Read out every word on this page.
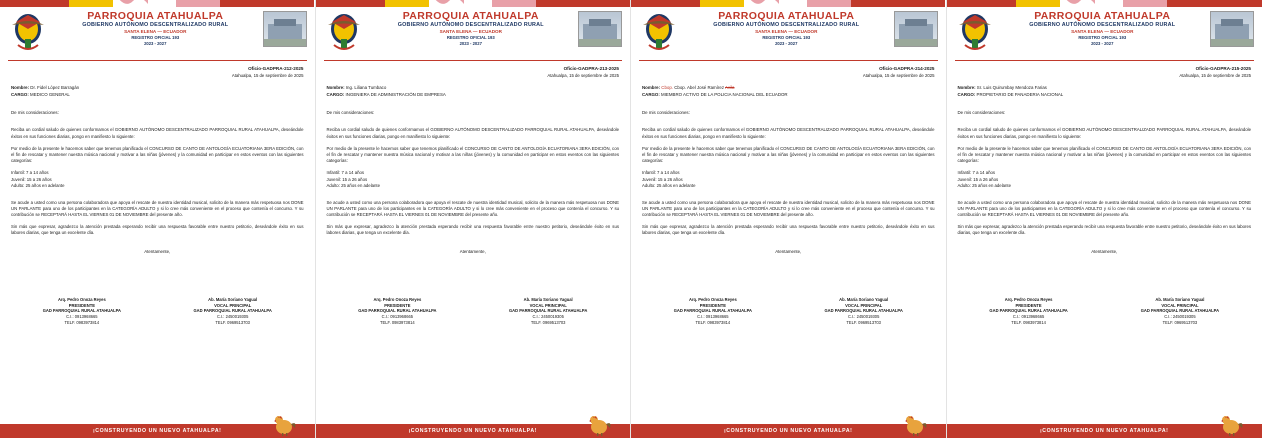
PARROQUIA ATAHUALPA
GOBIERNO AUTÓNOMO DESCENTRALIZADO RURAL
SANTA ELENA — ECUADOR
REGISTRO OFICIAL 193
2023 - 2027
Oficio-GADPRA-212-2025
Atahualpa, 15 de septiembre de 2025
Nombre: Dr. Fidel López Barragán
CARGO: MEDICO GENERAL
De mis consideraciones:
Reciba un cordial saludo de quienes conformamos el GOBIERNO AUTÓNOMO DESCENTRALIZADO PARROQUIAL RURAL ATAHUALPA, deseándole éxitos en sus funciones diarias, pongo en manifiesto lo siguiente:
Por medio de la presente le hacemos saber que tenemos planificado el CONCURSO DE CANTO DE ANTOLOGÍA ECUATORIANA 3ERA EDICIÓN, con el fin de rescatar y mantener nuestra música nacional y motivar a las niñas (jóvenes) y la comunidad en participar en estos eventos con las siguientes categorías:
Infantil: 7 a 14 años
Juvenil: 15 a 26 años
Adulto: 25 años en adelante
Se acude a usted como una persona colaboradora que apoya el rescate de nuestra identidad musical, solicito de la manera más respetuosa nos DONE UN PARLANTE para uno de los participantes en la CATEGORÍA ADULTO y si lo cree más conveniente en el proceso que contenía el concurso. Y su contribución se RECEPTARÁ HASTA EL VIERNES 01 DE NOVIEMBRE del presente año.
Sin más que expresar, agradezco la atención prestada esperando recibir una respuesta favorable entre nuestro petitorio, deseándole éxito en sus labores diarias, que tenga un excelente día.
Atentamente,
Arq. Pedro Onoza Reyes
PRESIDENTE
GAD PARROQUIAL RURAL ATAHUALPA
C.I.: 0913968665
TELF. 0983973814
Ab. María Soriano Yagual
VOCAL PRINCIPAL
GAD PARROQUIAL RURAL ATAHUALPA
C.I.: 2450019305
TELF. 0969513703
¡CONSTRUYENDO UN NUEVO ATAHUALPA!
PARROQUIA ATAHUALPA
GOBIERNO AUTÓNOMO DESCENTRALIZADO RURAL
SANTA ELENA — ECUADOR
REGISTRO OFICIAL 193
2023 - 2027
Oficio-GADPRA-213-2025
Atahualpa, 15 de septiembre de 2025
Nombre: Ing. Liliana Tumbaco
CARGO: INGENIERA DE ADMINISTRACIÓN DE EMPRESA
De mis consideraciones:
Reciba un cordial saludo de quienes conformamos el GOBIERNO AUTÓNOMO DESCENTRALIZADO PARROQUIAL RURAL ATAHUALPA, deseándole éxitos en sus funciones diarias, pongo en manifiesto lo siguiente:
Por medio de la presente le hacemos saber que tenemos planificado el CONCURSO DE CANTO DE ANTOLOGÍA ECUATORIANA 3ERA EDICIÓN, con el fin de rescatar y mantener nuestra música nacional y motivar a las niñas (jóvenes) y la comunidad en participar en estos eventos con las siguientes categorías:
Infantil: 7 a 14 años
Juvenil: 15 a 26 años
Adulto: 25 años en adelante
Se acude a usted como una persona colaboradora que apoya el rescate de nuestra identidad musical, solicito de la manera más respetuosa nos DONE UN PARLANTE para uno de los participantes en la CATEGORÍA ADULTO y si lo cree más conveniente en el proceso que contenía el concurso. Y su contribución se RECEPTARÁ HASTA EL VIERNES 01 DE NOVIEMBRE del presente año.
Sin más que expresar, agradezco la atención prestada esperando recibir una respuesta favorable entre nuestro petitorio, deseándole éxito en sus labores diarias, que tenga un excelente día.
Atentamente,
Arq. Pedro Onoza Reyes
PRESIDENTE
GAD PARROQUIAL RURAL ATAHUALPA
C.I.: 0913968665
TELF. 0983973814
Ab. María Soriano Yagual
VOCAL PRINCIPAL
GAD PARROQUIAL RURAL ATAHUALPA
C.I.: 2450019305
TELF. 0969513703
¡CONSTRUYENDO UN NUEVO ATAHUALPA!
PARROQUIA ATAHUALPA
GOBIERNO AUTÓNOMO DESCENTRALIZADO RURAL
SANTA ELENA — ECUADOR
REGISTRO OFICIAL 193
2023 - 2027
Oficio-GADPRA-214-2025
Atahualpa, 15 de septiembre de 2025
Nombre: Cbop. Cbop. Abel José Ramírez Avila
CARGO: MIEMBRO ACTIVO DE LA POLICIA NACIONAL DEL ECUADOR
De mis consideraciones:
Reciba un cordial saludo de quienes conformamos el GOBIERNO AUTÓNOMO DESCENTRALIZADO PARROQUIAL RURAL ATAHUALPA, deseándole éxitos en sus funciones diarias, pongo en manifiesto lo siguiente:
Por medio de la presente le hacemos saber que tenemos planificado el CONCURSO DE CANTO DE ANTOLOGÍA ECUATORIANA 3ERA EDICIÓN, con el fin de rescatar y mantener nuestra música nacional y motivar a las niñas (jóvenes) y la comunidad en participar en estos eventos con las siguientes categorías:
Infantil: 7 a 14 años
Juvenil: 15 a 26 años
Adulto: 25 años en adelante
Se acude a usted como una persona colaboradora que apoya el rescate de nuestra identidad musical, solicito de la manera más respetuosa nos DONE UN PARLANTE para uno de los participantes en la CATEGORÍA ADULTO y si lo cree más conveniente en el proceso que contenía el concurso. Y su contribución se RECEPTARÁ HASTA EL VIERNES 01 DE NOVIEMBRE del presente año.
Sin más que expresar, agradezco la atención prestada esperando recibir una respuesta favorable entre nuestro petitorio, deseándole éxito en sus labores diarias, que tenga un excelente día.
Atentamente,
Arq. Pedro Onoza Reyes
PRESIDENTE
GAD PARROQUIAL RURAL ATAHUALPA
C.I.: 0913968665
TELF. 0983973814
Ab. María Soriano Yagual
VOCAL PRINCIPAL
GAD PARROQUIAL RURAL ATAHUALPA
C.I.: 2450019305
TELF. 0969513703
¡CONSTRUYENDO UN NUEVO ATAHUALPA!
PARROQUIA ATAHUALPA
GOBIERNO AUTÓNOMO DESCENTRALIZADO RURAL
SANTA ELENA — ECUADOR
REGISTRO OFICIAL 193
2023 - 2027
Oficio-GADPRA-215-2025
Atahualpa, 15 de septiembre de 2025
Nombre: Sr. Luis Quirumbay Mendoza Farias
CARGO: PROPIETARIO DE PANADERIA NACIONAL
De mis consideraciones:
Reciba un cordial saludo de quienes conformamos el GOBIERNO AUTÓNOMO DESCENTRALIZADO PARROQUIAL RURAL ATAHUALPA, deseándole éxitos en sus funciones diarias, pongo en manifiesto lo siguiente:
Por medio de la presente le hacemos saber que tenemos planificado el CONCURSO DE CANTO DE ANTOLOGÍA ECUATORIANA 3ERA EDICIÓN, con el fin de rescatar y mantener nuestra música nacional y motivar a las niñas (jóvenes) y la comunidad en participar en estos eventos con las siguientes categorías:
Infantil: 7 a 14 años
Juvenil: 15 a 26 años
Adulto: 25 años en adelante
Se acude a usted como una persona colaboradora que apoya el rescate de nuestra identidad musical, solicito de la manera más respetuosa nos DONE UN PARLANTE para uno de los participantes en la CATEGORÍA ADULTO y si lo cree más conveniente en el proceso que contenía el concurso. Y su contribución se RECEPTARÁ HASTA EL VIERNES 01 DE NOVIEMBRE del presente año.
Sin más que expresar, agradezco la atención prestada esperando recibir una respuesta favorable entre nuestro petitorio, deseándole éxito en sus labores diarias, que tenga un excelente día.
Atentamente,
Arq. Pedro Onoza Reyes
PRESIDENTE
GAD PARROQUIAL RURAL ATAHUALPA
C.I.: 0913968665
TELF. 0983973814
Ab. María Soriano Yagual
VOCAL PRINCIPAL
GAD PARROQUIAL RURAL ATAHUALPA
C.I.: 2450019305
TELF. 0969513703
¡CONSTRUYENDO UN NUEVO ATAHUALPA!
